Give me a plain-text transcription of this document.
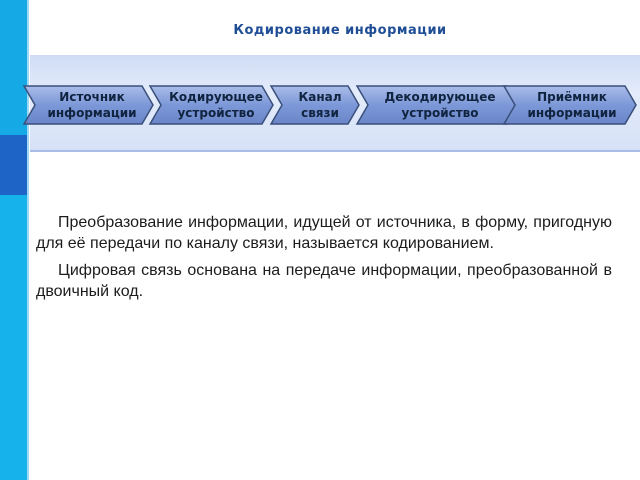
Кодирование информации
Источник
информации
Кодирующее
устройство
Канал
связи
Декодирующее
устройство
Приёмник
информации

Преобразование информации, идущей от источника, в форму, пригодную для её передачи по каналу связи, называется кодированием.

Цифровая связь основана на передаче информации, преобразованной в двоичный код.
